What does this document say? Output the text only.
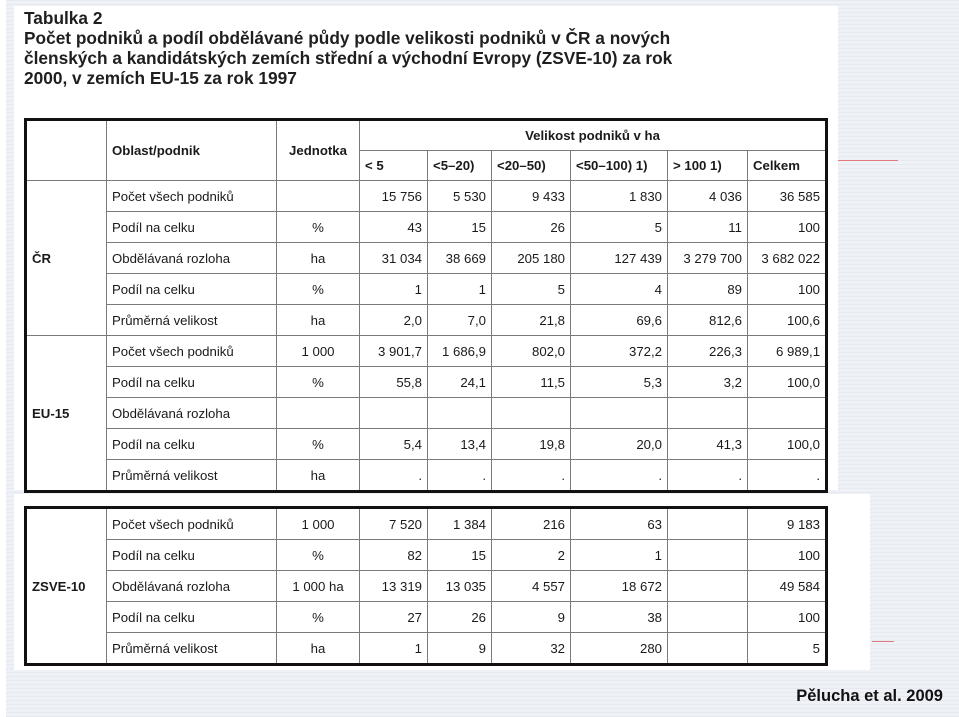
Tabulka 2
Počet podniků a podíl obdělávané půdy podle velikosti podniků v ČR a nových
členských a kandidátských zemích střední a východní Evropy (ZSVE-10) za rok
2000, v zemích EU-15 za rok 1997
	Oblast/podnik	Jednotka	Velikost podniků v ha					
			< 5	<5–20)	<20–50)	<50–100) 1)	> 100 1)	Celkem
ČR	Počet všech podniků		15 756	5 530	9 433	1 830	4 036	36 585
	Podíl na celku	%	43	15	26	5	11	100
	Obdělávaná rozloha	ha	31 034	38 669	205 180	127 439	3 279 700	3 682 022
	Podíl na celku	%	1	1	5	4	89	100
	Průměrná velikost	ha	2,0	7,0	21,8	69,6	812,6	100,6
EU-15	Počet všech podniků	1 000	3 901,7	1 686,9	802,0	372,2	226,3	6 989,1
	Podíl na celku	%	55,8	24,1	11,5	5,3	3,2	100,0
	Obdělávaná rozloha							
	Podíl na celku	%	5,4	13,4	19,8	20,0	41,3	100,0
	Průměrná velikost	ha	.	.	.	.	.	.
ZSVE-10	Počet všech podniků	1 000	7 520	1 384	216	63		9 183
	Podíl na celku	%	82	15	2	1		100
	Obdělávaná rozloha	1 000 ha	13 319	13 035	4 557	18 672		49 584
	Podíl na celku	%	27	26	9	38		100
	Průměrná velikost	ha	1	9	32	280		5
Pělucha et al. 2009
